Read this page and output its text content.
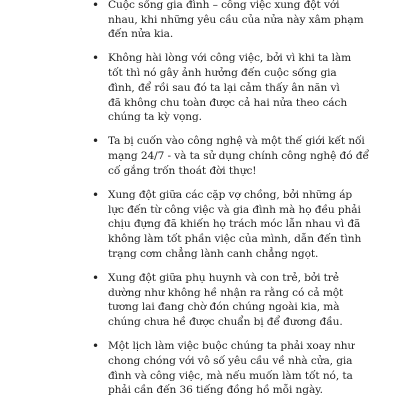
• Cuộc sống gia đình – công việc xung đột với
nhau, khi những yêu cầu của nửa này xâm phạm
đến nửa kia.
• Không hài lòng với công việc, bởi vì khi ta làm
tốt thì nó gây ảnh hưởng đến cuộc sống gia
đình, để rồi sau đó ta lại cảm thấy ân năn vì
đã không chu toàn được cả hai nửa theo cách
chúng ta kỳ vọng.
• Ta bị cuốn vào công nghệ và một thế giới kết nối
mạng 24/7 - và ta sử dụng chính công nghệ đó để
cố gắng trốn thoát đời thực!
• Xung đột giữa các cặp vợ chồng, bởi những áp
lực đến từ công việc và gia đình mà họ đều phải
chịu đựng đã khiến họ trách móc lẫn nhau vì đã
không làm tốt phần việc của mình, dẫn đến tình
trạng cơm chẳng lành canh chẳng ngọt.
• Xung đột giữa phụ huynh và con trẻ, bởi trẻ
dường như không hề nhận ra rằng có cả một
tương lai đang chờ đón chúng ngoài kia, mà
chúng chưa hề được chuẩn bị để đương đầu.
• Một lịch làm việc buộc chúng ta phải xoay như
chong chóng với vô số yêu cầu về nhà cửa, gia
đình và công việc, mà nếu muốn làm tốt nó, ta
phải cần đến 36 tiếng đồng hồ mỗi ngày.
